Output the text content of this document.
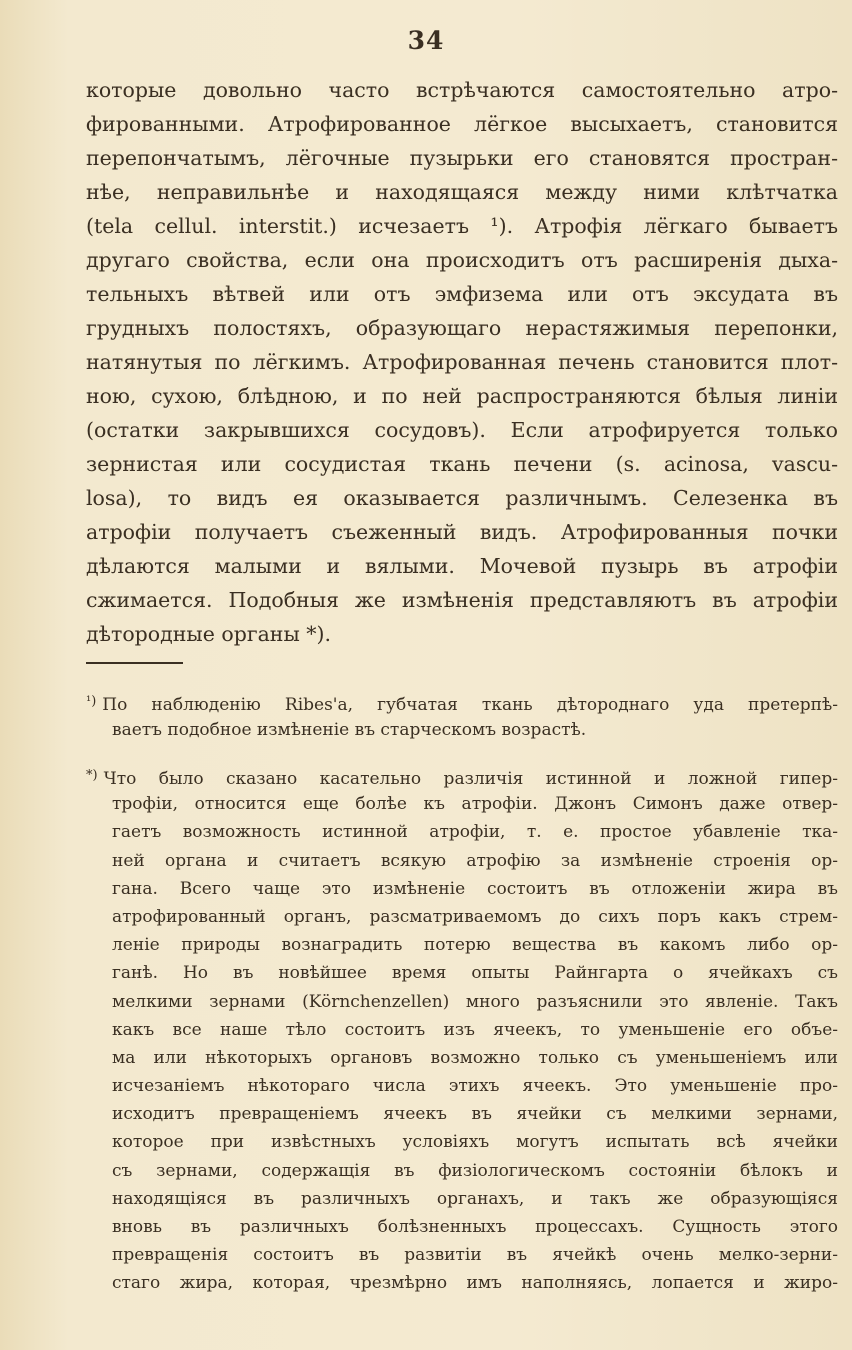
34
которые довольно часто встрѣчаются самостоятельно атро-
фированными. Атрофированное лёгкое высыхаетъ, становится
перепончатымъ, лёгочные пузырьки его становятся простран-
нѣе, неправильнѣе и находящаяся между ними клѣтчатка
(tela cellul. interstit.) исчезаетъ ¹). Атрофія лёгкаго бываетъ
другаго свойства, если она происходитъ отъ расширенія дыха-
тельныхъ вѣтвей или отъ эмфизема или отъ эксудата въ
грудныхъ полостяхъ, образующаго нерастяжимыя перепонки,
натянутыя по лёгкимъ. Атрофированная печень становится плот-
ною, сухою, блѣдною, и по ней распространяются бѣлыя линіи
(остатки закрывшихся сосудовъ). Если атрофируется только
зернистая или сосудистая ткань печени (s. acinosa, vascu-
losa), то видъ ея оказывается различнымъ. Селезенка въ
атрофіи получаетъ съеженный видъ. Атрофированныя почки
дѣлаются малыми и вялыми. Мочевой пузырь въ атрофіи
сжимается. Подобныя же измѣненія представляютъ въ атрофіи
дѣтородные органы *).
$^{^1)}$ По наблюденію Ribes'a, губчатая ткань дѣтороднаго уда претерпѣ-
ваетъ подобное измѣненіе въ старческомъ возрастѣ.
*) Что было сказано касательно различія истинной и ложной гипер-
трофіи, относится еще болѣе къ атрофіи. Джонъ Симонъ даже отвер-
гаетъ возможность истинной атрофіи, т. е. простое убавленіе тка-
ней органа и считаетъ всякую атрофію за измѣненіе строенія ор-
гана. Всего чаще это измѣненіе состоитъ въ отложеніи жира въ
атрофированный органъ, разсматриваемомъ до сихъ поръ какъ стрем-
леніе природы вознаградить потерю вещества въ какомъ либо ор-
ганѣ. Но въ новѣйшее время опыты Райнгарта о ячейкахъ съ
мелкими зернами (Körnchenzellen) много разъяснили это явленіе. Такъ
какъ все наше тѣло состоитъ изъ ячеекъ, то уменьшеніе его объе-
ма или нѣкоторыхъ органовъ возможно только съ уменьшеніемъ или
исчезаніемъ нѣкотораго числа этихъ ячеекъ. Это уменьшеніе про-
исходитъ превращеніемъ ячеекъ въ ячейки съ мелкими зернами,
которое при извѣстныхъ условіяхъ могутъ испытать всѣ ячейки
съ зернами, содержащія въ физіологическомъ состояніи бѣлокъ и
находящіяся въ различныхъ органахъ, и такъ же образующіяся
вновь въ различныхъ болѣзненныхъ процессахъ. Сущность этого
превращенія состоитъ въ развитіи въ ячейкѣ очень мелко-зерни-
стаго жира, которая, чрезмѣрно имъ наполняясь, лопается и жиро-
